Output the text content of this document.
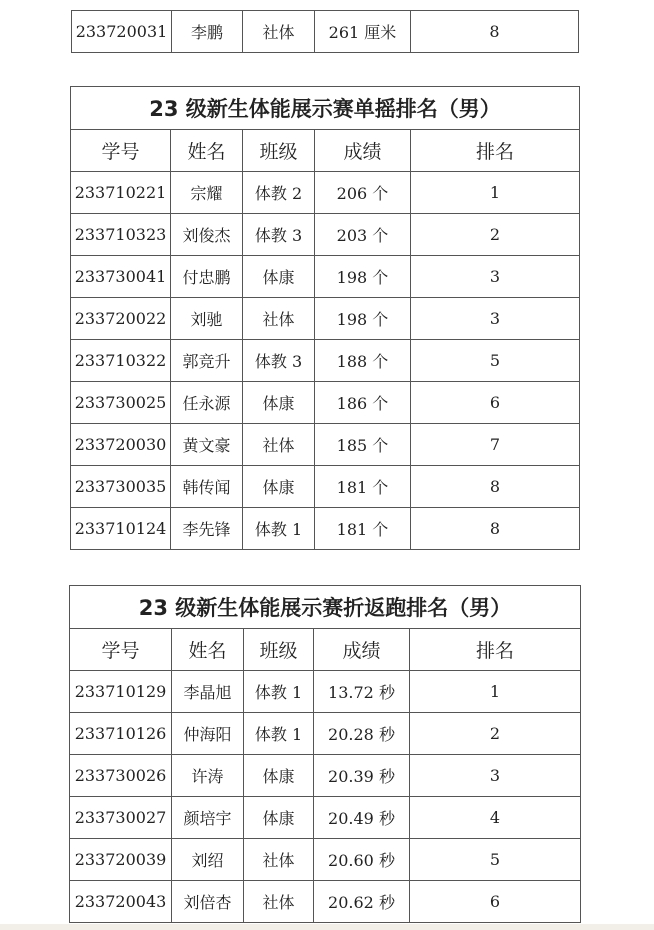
233720031	李鹏	社体	261 厘米	8
23 级新生体能展示赛单摇排名（男）				
学号	姓名	班级	成绩	排名
233710221	宗耀	体教 2	206 个	1
233710323	刘俊杰	体教 3	203 个	2
233730041	付忠鹏	体康	198 个	3
233720022	刘驰	社体	198 个	3
233710322	郭竞升	体教 3	188 个	5
233730025	任永源	体康	186 个	6
233720030	黄文豪	社体	185 个	7
233730035	韩传闻	体康	181 个	8
233710124	李先锋	体教 1	181 个	8
23 级新生体能展示赛折返跑排名（男）				
学号	姓名	班级	成绩	排名
233710129	李晶旭	体教 1	13.72 秒	1
233710126	仲海阳	体教 1	20.28 秒	2
233730026	许涛	体康	20.39 秒	3
233730027	颜培宇	体康	20.49 秒	4
233720039	刘绍	社体	20.60 秒	5
233720043	刘倍杏	社体	20.62 秒	6
